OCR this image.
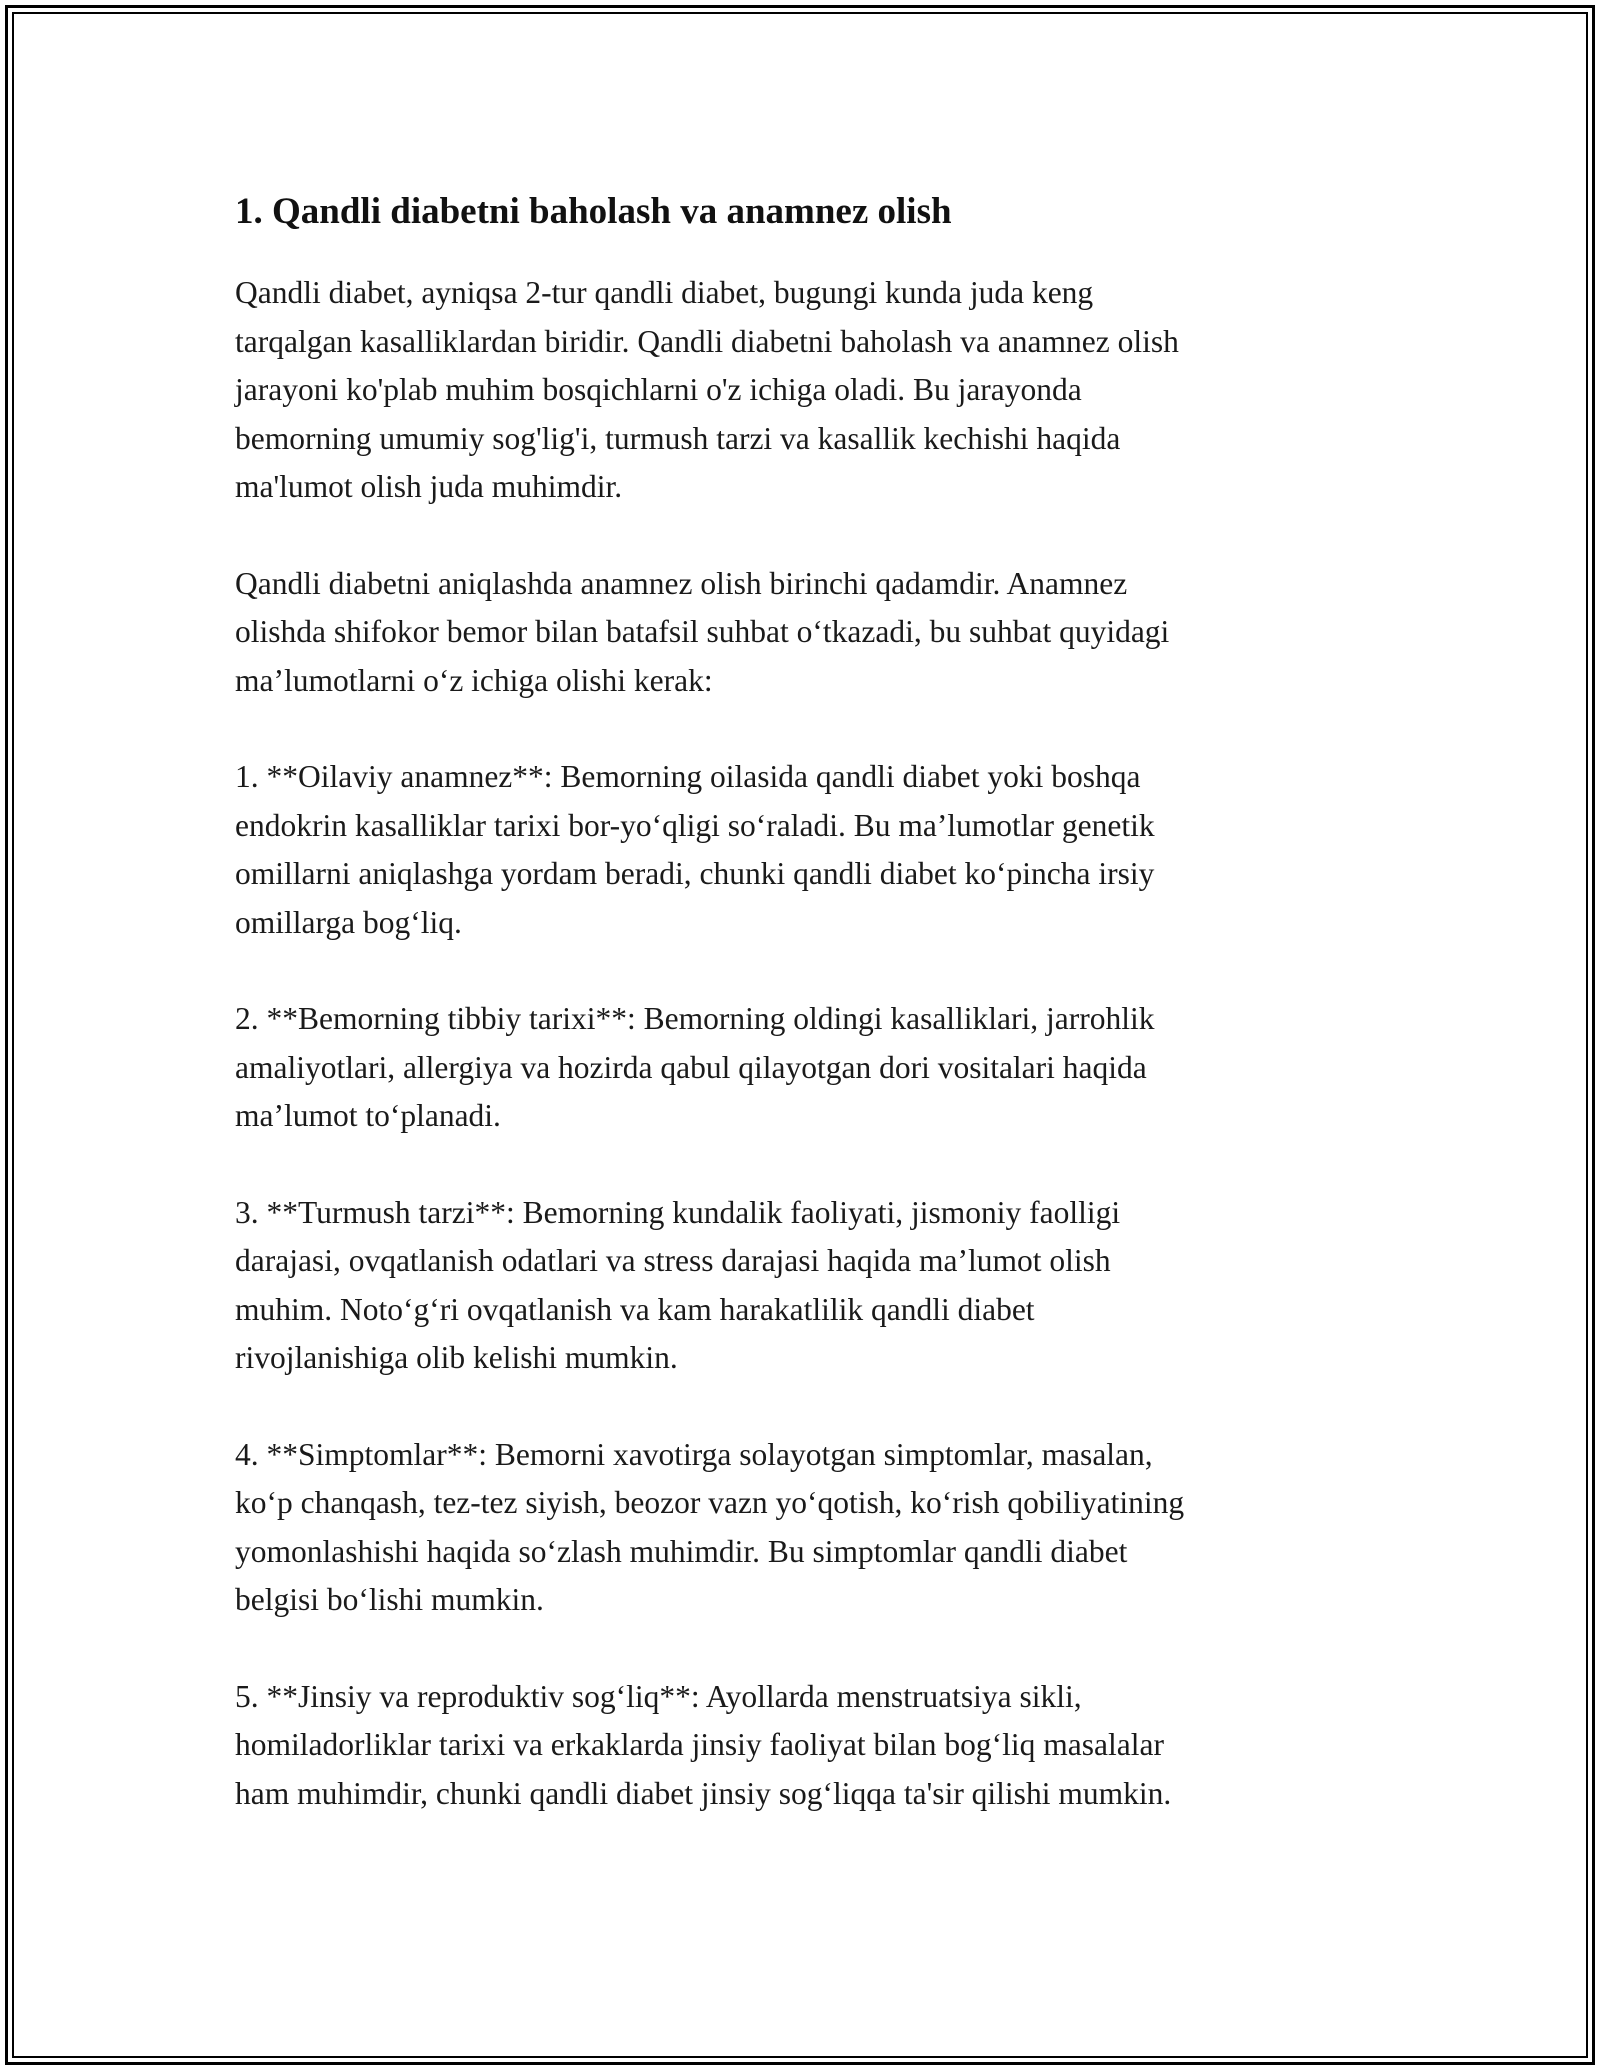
1. Qandli diabetni baholash va anamnez olish

Qandli diabet, ayniqsa 2-tur qandli diabet, bugungi kunda juda keng
tarqalgan kasalliklardan biridir. Qandli diabetni baholash va anamnez olish
jarayoni ko'plab muhim bosqichlarni o'z ichiga oladi. Bu jarayonda
bemorning umumiy sog'lig'i, turmush tarzi va kasallik kechishi haqida
ma'lumot olish juda muhimdir.

Qandli diabetni aniqlashda anamnez olish birinchi qadamdir. Anamnez
olishda shifokor bemor bilan batafsil suhbat o‘tkazadi, bu suhbat quyidagi
ma’lumotlarni o‘z ichiga olishi kerak:

1. **Oilaviy anamnez**: Bemorning oilasida qandli diabet yoki boshqa
endokrin kasalliklar tarixi bor-yo‘qligi so‘raladi. Bu ma’lumotlar genetik
omillarni aniqlashga yordam beradi, chunki qandli diabet ko‘pincha irsiy
omillarga bog‘liq.

2. **Bemorning tibbiy tarixi**: Bemorning oldingi kasalliklari, jarrohlik
amaliyotlari, allergiya va hozirda qabul qilayotgan dori vositalari haqida
ma’lumot to‘planadi.

3. **Turmush tarzi**: Bemorning kundalik faoliyati, jismoniy faolligi
darajasi, ovqatlanish odatlari va stress darajasi haqida ma’lumot olish
muhim. Noto‘g‘ri ovqatlanish va kam harakatlilik qandli diabet
rivojlanishiga olib kelishi mumkin.

4. **Simptomlar**: Bemorni xavotirga solayotgan simptomlar, masalan,
ko‘p chanqash, tez-tez siyish, beozor vazn yo‘qotish, ko‘rish qobiliyatining
yomonlashishi haqida so‘zlash muhimdir. Bu simptomlar qandli diabet
belgisi bo‘lishi mumkin.

5. **Jinsiy va reproduktiv sog‘liq**: Ayollarda menstruatsiya sikli,
homiladorliklar tarixi va erkaklarda jinsiy faoliyat bilan bog‘liq masalalar
ham muhimdir, chunki qandli diabet jinsiy sog‘liqqa ta'sir qilishi mumkin.
